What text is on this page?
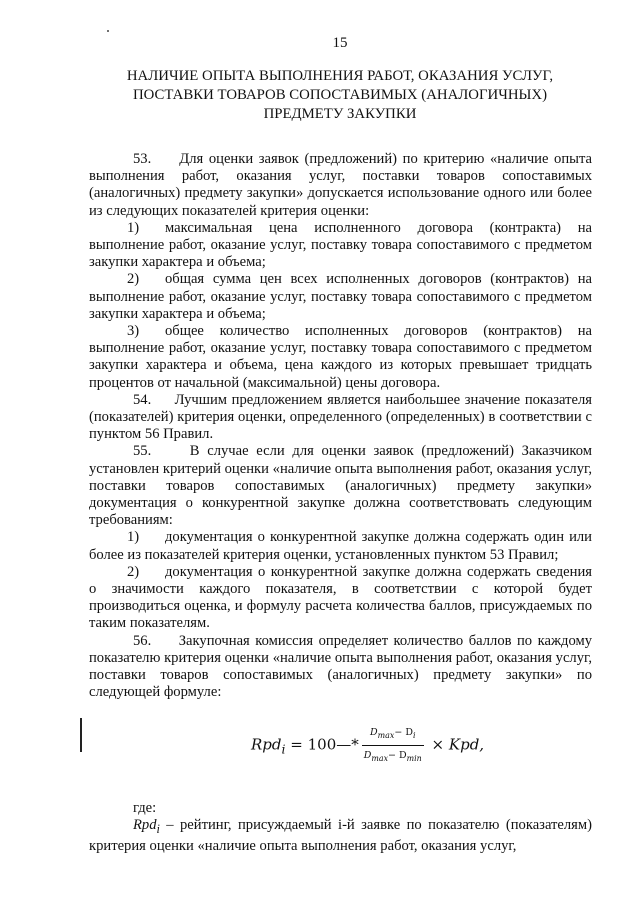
15
НАЛИЧИЕ ОПЫТА ВЫПОЛНЕНИЯ РАБОТ, ОКАЗАНИЯ УСЛУГ,
ПОСТАВКИ ТОВАРОВ СОПОСТАВИМЫХ (АНАЛОГИЧНЫХ)
ПРЕДМЕТУ ЗАКУПКИ

53. Для оценки заявок (предложений) по критерию «наличие опыта выполнения работ, оказания услуг, поставки товаров сопоставимых (аналогичных) предмету закупки» допускается использование одного или более из следующих показателей критерия оценки:

1) максимальная цена исполненного договора (контракта) на выполнение работ, оказание услуг, поставку товара сопоставимого с предметом закупки характера и объема;

2) общая сумма цен всех исполненных договоров (контрактов) на выполнение работ, оказание услуг, поставку товара сопоставимого с предметом закупки характера и объема;

3) общее количество исполненных договоров (контрактов) на выполнение работ, оказание услуг, поставку товара сопоставимого с предметом закупки характера и объема, цена каждого из которых превышает тридцать процентов от начальной (максимальной) цены договора.

54. Лучшим предложением является наибольшее значение показателя (показателей) критерия оценки, определенного (определенных) в соответствии с пунктом 56 Правил.

55.	В случае если для оценки заявок (предложений) Заказчиком установлен критерий оценки «наличие опыта выполнения работ, оказания услуг, поставки товаров сопоставимых (аналогичных) предмету закупки» документация о конкурентной закупке должна соответствовать следующим требованиям:

1) документация о конкурентной закупке должна содержать один или более из показателей критерия оценки, установленных пунктом 53 Правил;

2) документация о конкурентной закупке должна содержать сведения о значимости каждого показателя, в соответствии с которой будет производиться оценка, и формулу расчета количества баллов, присуждаемых по таким показателям.

56. Закупочная комиссия определяет количество баллов по каждому показателю критерия оценки «наличие опыта выполнения работ, оказания услуг, поставки товаров сопоставимых (аналогичных) предмету закупки» по следующей формуле:

Rpd$_i$ = 100—* $\frac{D_{max}- D_i}{D_{max}- D_{min}}$ × Kpd,

где:

Rpd$_i$ – рейтинг, присуждаемый i-й заявке по показателю (показателям) критерия оценки «наличие опыта выполнения работ, оказания услуг,
